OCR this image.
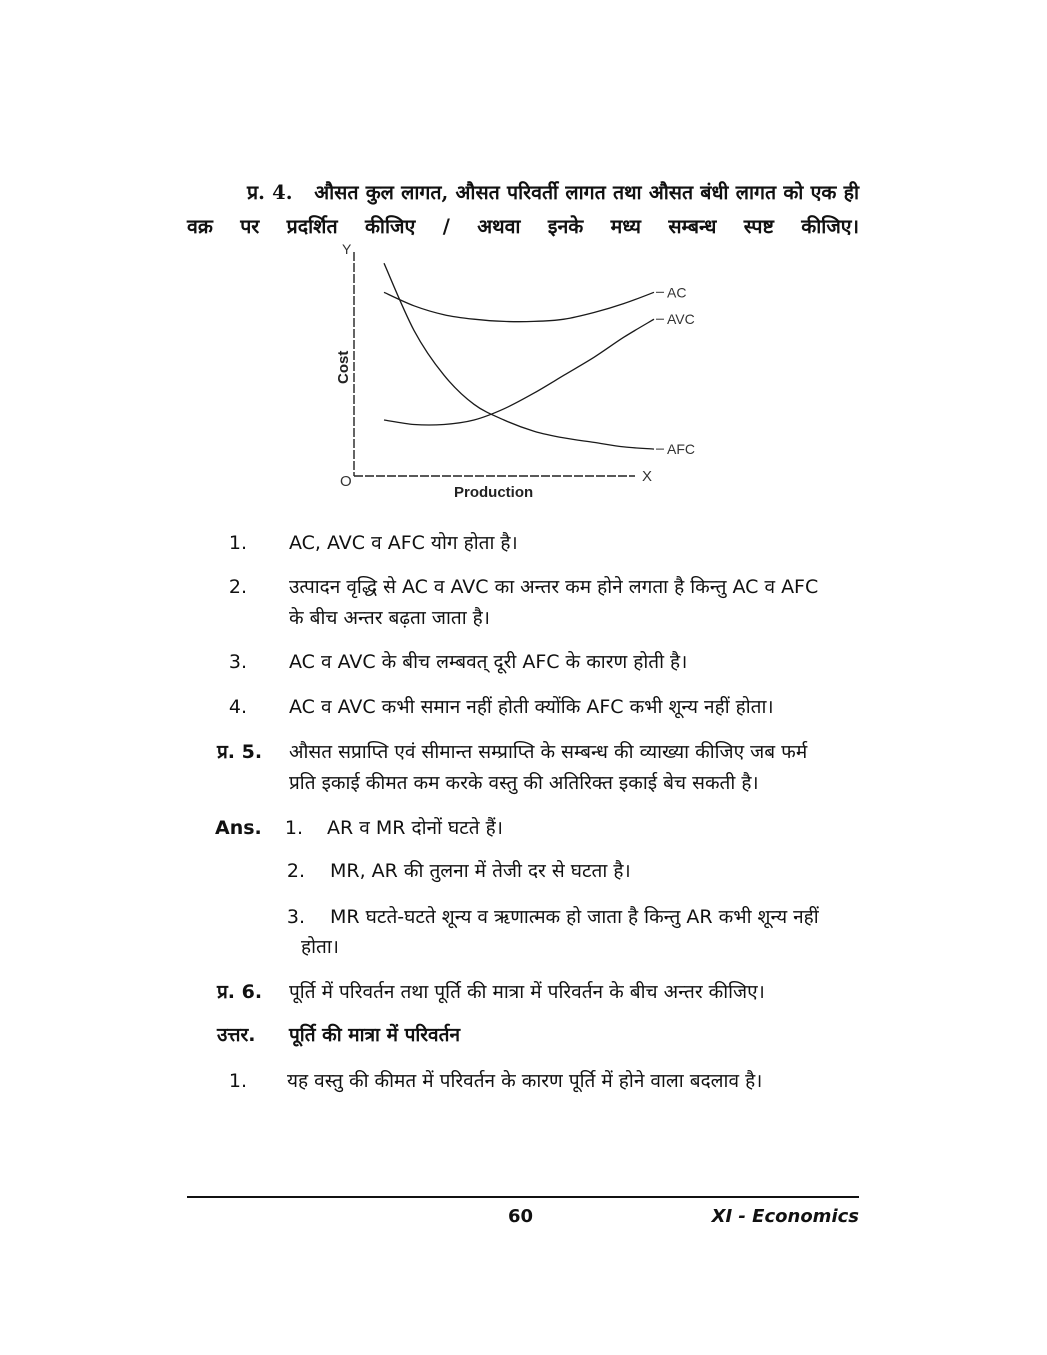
प्र. 4. औसत कुल लागत, औसत परिवर्ती लागत तथा औसत बंधी लागत को एक ही वक्र पर प्रदर्शित कीजिए / अथवा इनके मध्य सम्बन्ध स्पष्ट कीजिए।

Y
O	X
Production
Cost
AC
AVC
AFC
1. AC, AVC व AFC योग होता है।
2. उत्पादन वृद्धि से AC व AVC का अन्तर कम होने लगता है किन्तु AC व AFC
के बीच अन्तर बढ़ता जाता है।
3. AC व AVC के बीच लम्बवत् दूरी AFC के कारण होती है।
4. AC व AVC कभी समान नहीं होती क्योंकि AFC कभी शून्य नहीं होता।
प्र. 5. औसत सप्राप्ति एवं सीमान्त सम्प्राप्ति के सम्बन्ध की व्याख्या कीजिए जब फर्म
प्रति इकाई कीमत कम करके वस्तु की अतिरिक्त इकाई बेच सकती है।
Ans. 1. AR व MR दोनों घटते हैं।
2. MR, AR की तुलना में तेजी दर से घटता है।
3. MR घटते-घटते शून्य व ऋणात्मक हो जाता है किन्तु AR कभी शून्य नहीं
होता।
प्र. 6. पूर्ति में परिवर्तन तथा पूर्ति की मात्रा में परिवर्तन के बीच अन्तर कीजिए।
उत्तर. पूर्ति की मात्रा में परिवर्तन
1. यह वस्तु की कीमत में परिवर्तन के कारण पूर्ति में होने वाला बदलाव है।
60	XI - Economics
